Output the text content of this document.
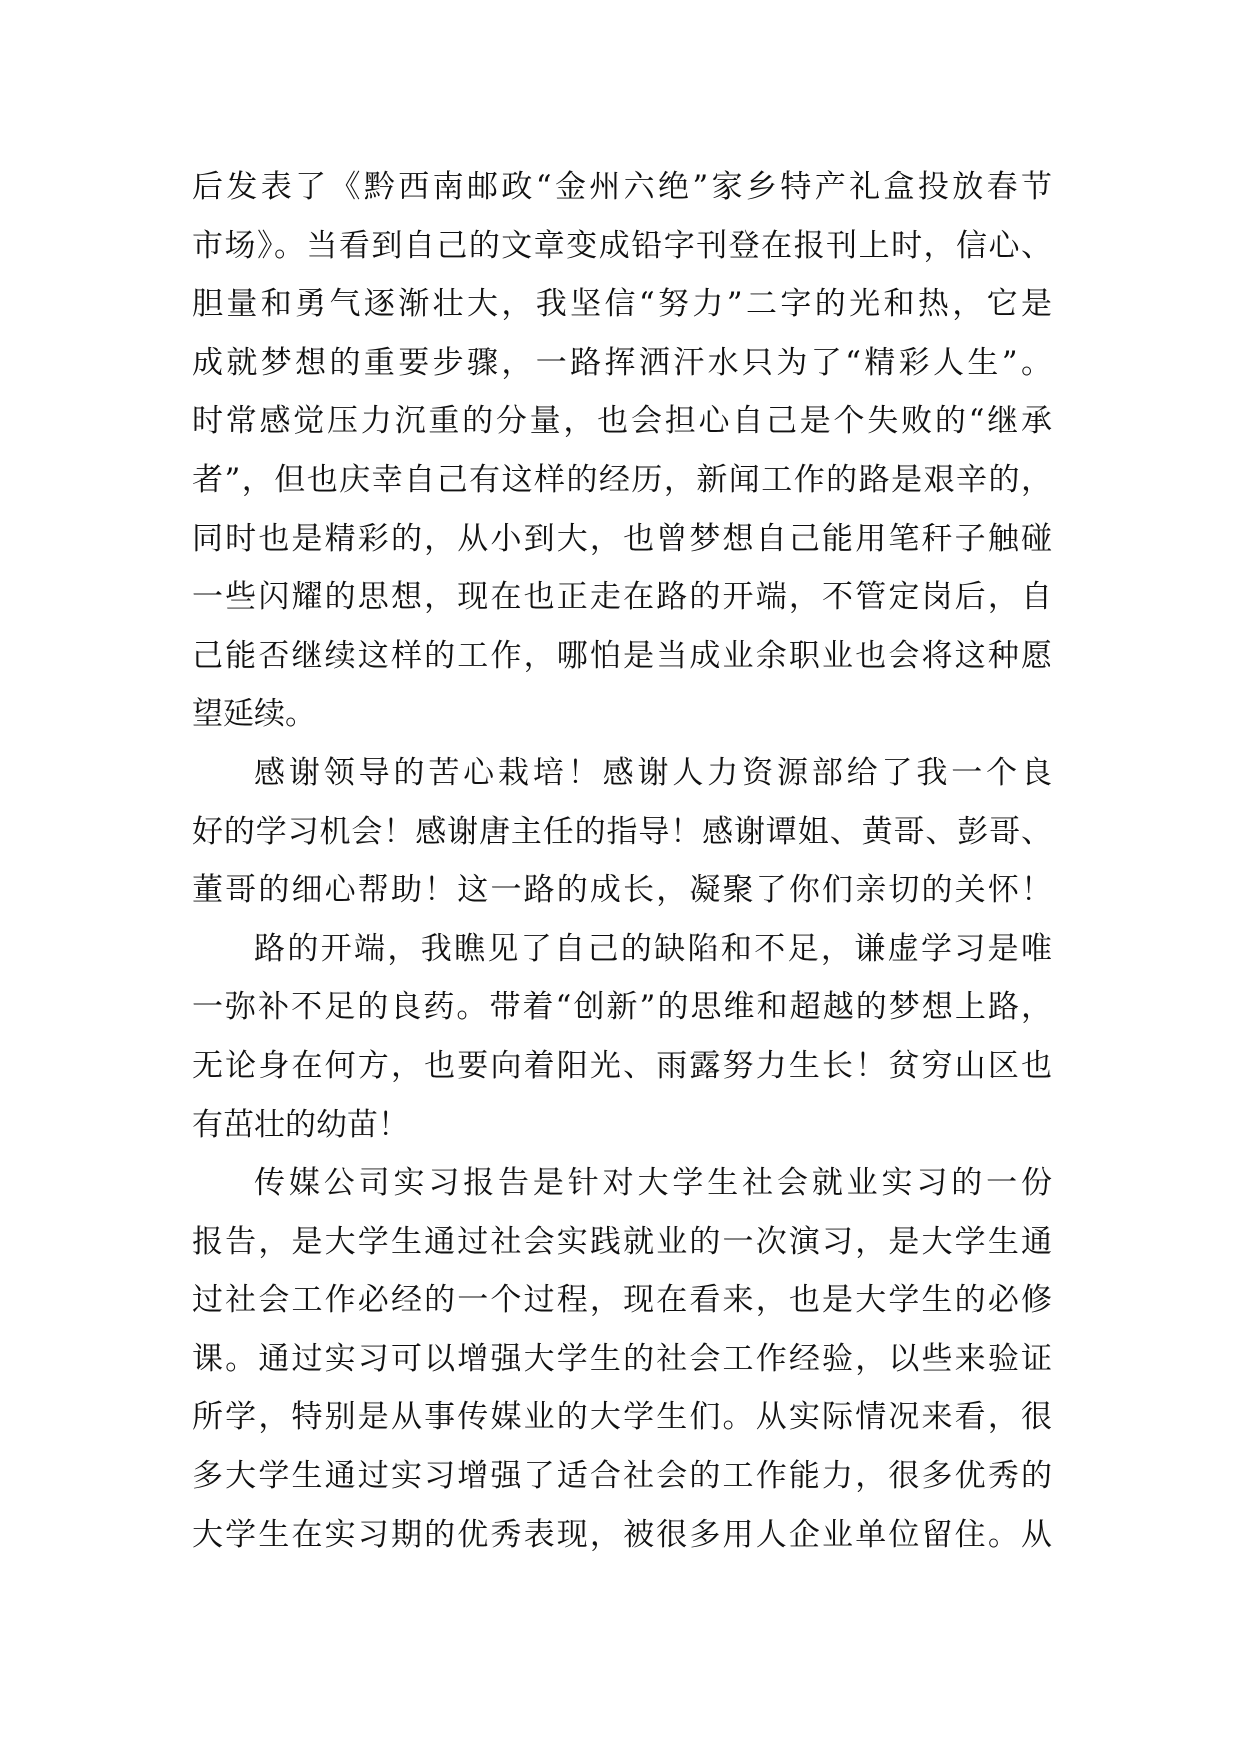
后发表了《黔西南邮政“金州六绝”家乡特产礼盒投放春节
市场》。当看到自己的文章变成铅字刊登在报刊上时，信心、
胆量和勇气逐渐壮大，我坚信“努力”二字的光和热，它是
成就梦想的重要步骤，一路挥洒汗水只为了“精彩人生”。
时常感觉压力沉重的分量，也会担心自己是个失败的“继承
者”，但也庆幸自己有这样的经历，新闻工作的路是艰辛的，
同时也是精彩的，从小到大，也曾梦想自己能用笔秆子触碰
一些闪耀的思想，现在也正走在路的开端，不管定岗后，自
己能否继续这样的工作，哪怕是当成业余职业也会将这种愿
望延续。
感谢领导的苦心栽培！感谢人力资源部给了我一个良
好的学习机会！感谢唐主任的指导！感谢谭姐、黄哥、彭哥、
董哥的细心帮助！这一路的成长，凝聚了你们亲切的关怀！
路的开端，我瞧见了自己的缺陷和不足，谦虚学习是唯
一弥补不足的良药。带着“创新”的思维和超越的梦想上路，
无论身在何方，也要向着阳光、雨露努力生长！贫穷山区也
有茁壮的幼苗！
传媒公司实习报告是针对大学生社会就业实习的一份
报告，是大学生通过社会实践就业的一次演习，是大学生通
过社会工作必经的一个过程，现在看来，也是大学生的必修
课。通过实习可以增强大学生的社会工作经验，以些来验证
所学，特别是从事传媒业的大学生们。从实际情况来看，很
多大学生通过实习增强了适合社会的工作能力，很多优秀的
大学生在实习期的优秀表现，被很多用人企业单位留住。从
